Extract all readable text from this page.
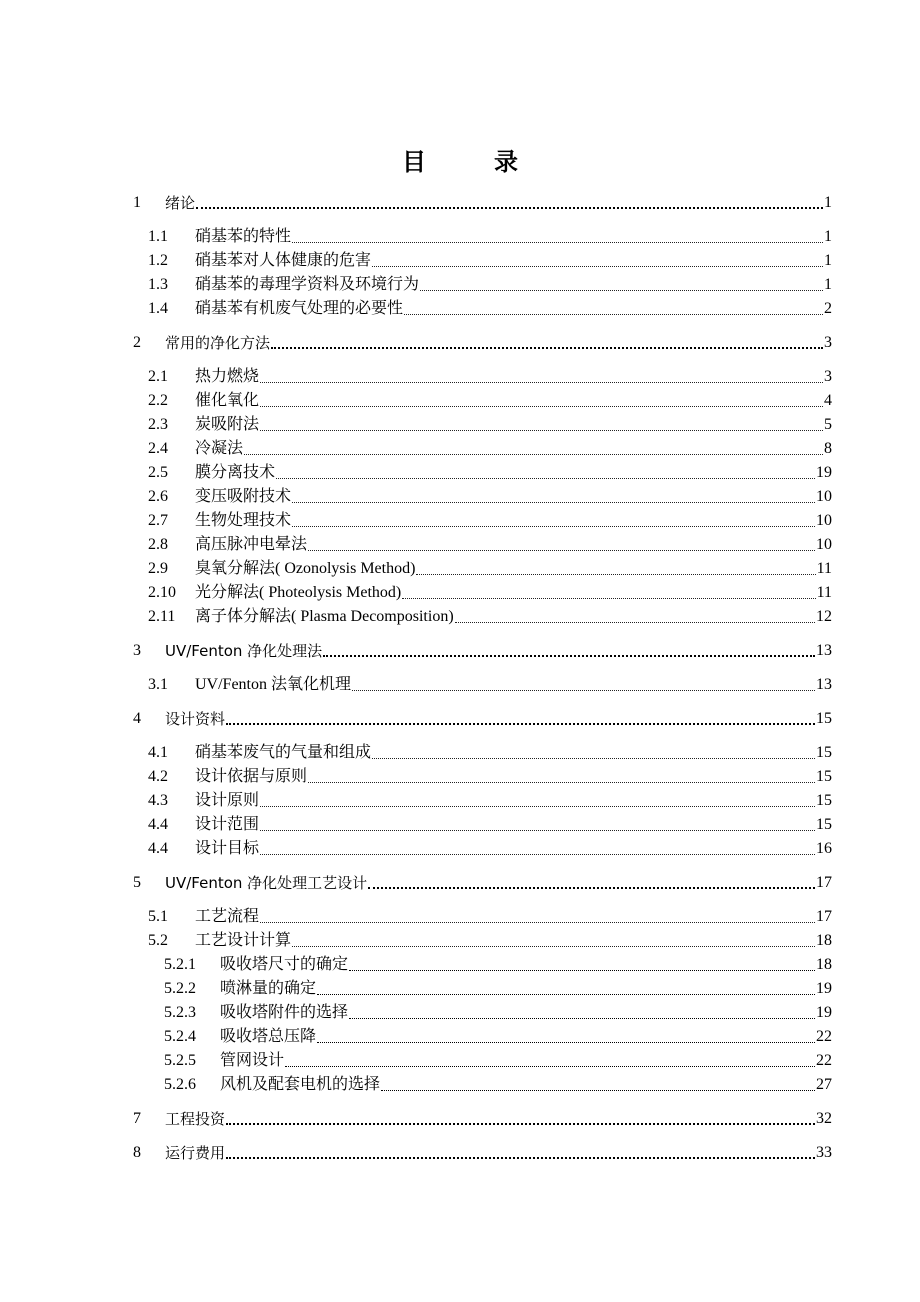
目　录
1	绪论	1
1.1	硝基苯的特性	1
1.2	硝基苯对人体健康的危害	1
1.3	硝基苯的毒理学资料及环境行为	1
1.4	硝基苯有机废气处理的必要性	2
2	常用的净化方法	3
2.1	热力燃烧	3
2.2	催化氧化	4
2.3	炭吸附法	5
2.4	冷凝法	8
2.5	膜分离技术	19
2.6	变压吸附技术	10
2.7	生物处理技术	10
2.8	高压脉冲电晕法	10
2.9	臭氧分解法( Ozonolysis Method)	11
2.10	光分解法( Photeolysis Method)	11
2.11	离子体分解法( Plasma Decomposition)	12
3	UV/Fenton 净化处理法	13
3.1	UV/Fenton 法氧化机理	13
4	设计资料	15
4.1	硝基苯废气的气量和组成	15
4.2	设计依据与原则	15
4.3	设计原则	15
4.4	设计范围	15
4.4	设计目标	16
5	UV/Fenton 净化处理工艺设计	17
5.1	工艺流程	17
5.2	工艺设计计算	18
5.2.1	吸收塔尺寸的确定	18
5.2.2	喷淋量的确定	19
5.2.3	吸收塔附件的选择	19
5.2.4	吸收塔总压降	22
5.2.5	管网设计	22
5.2.6	风机及配套电机的选择	27
7	工程投资	32
8	运行费用	33
